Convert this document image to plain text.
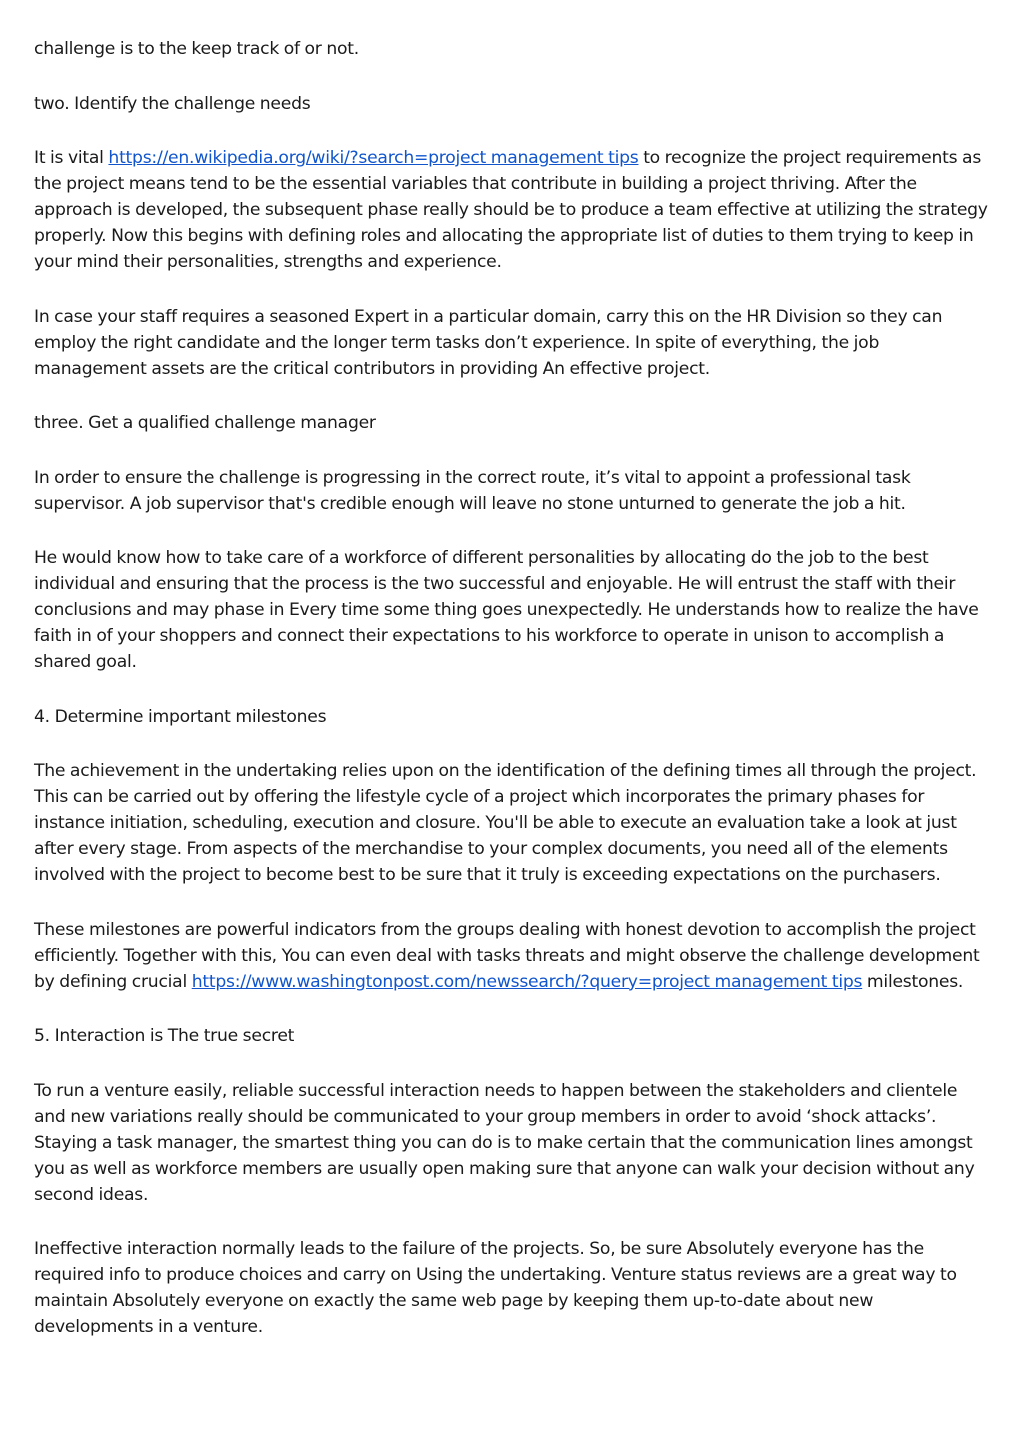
challenge is to the keep track of or not.

two. Identify the challenge needs

It is vital https://en.wikipedia.org/wiki/?search=project management tips to recognize the project requirements as the project means tend to be the essential variables that contribute in building a project thriving. After the approach is developed, the subsequent phase really should be to produce a team effective at utilizing the strategy properly. Now this begins with defining roles and allocating the appropriate list of duties to them trying to keep in your mind their personalities, strengths and experience.

In case your staff requires a seasoned Expert in a particular domain, carry this on the HR Division so they can employ the right candidate and the longer term tasks don’t experience. In spite of everything, the job management assets are the critical contributors in providing An effective project.

three. Get a qualified challenge manager

In order to ensure the challenge is progressing in the correct route, it’s vital to appoint a professional task supervisor. A job supervisor that's credible enough will leave no stone unturned to generate the job a hit.

He would know how to take care of a workforce of different personalities by allocating do the job to the best individual and ensuring that the process is the two successful and enjoyable. He will entrust the staff with their conclusions and may phase in Every time some thing goes unexpectedly. He understands how to realize the have faith in of your shoppers and connect their expectations to his workforce to operate in unison to accomplish a shared goal.

4. Determine important milestones

The achievement in the undertaking relies upon on the identification of the defining times all through the project. This can be carried out by offering the lifestyle cycle of a project which incorporates the primary phases for instance initiation, scheduling, execution and closure. You'll be able to execute an evaluation take a look at just after every stage. From aspects of the merchandise to your complex documents, you need all of the elements involved with the project to become best to be sure that it truly is exceeding expectations on the purchasers.

These milestones are powerful indicators from the groups dealing with honest devotion to accomplish the project efficiently. Together with this, You can even deal with tasks threats and might observe the challenge development by defining crucial https://www.washingtonpost.com/newssearch/?query=project management tips milestones.

5. Interaction is The true secret

To run a venture easily, reliable successful interaction needs to happen between the stakeholders and clientele and new variations really should be communicated to your group members in order to avoid ‘shock attacks’. Staying a task manager, the smartest thing you can do is to make certain that the communication lines amongst you as well as workforce members are usually open making sure that anyone can walk your decision without any second ideas.

Ineffective interaction normally leads to the failure of the projects. So, be sure Absolutely everyone has the required info to produce choices and carry on Using the undertaking. Venture status reviews are a great way to maintain Absolutely everyone on exactly the same web page by keeping them up-to-date about new developments in a venture.
